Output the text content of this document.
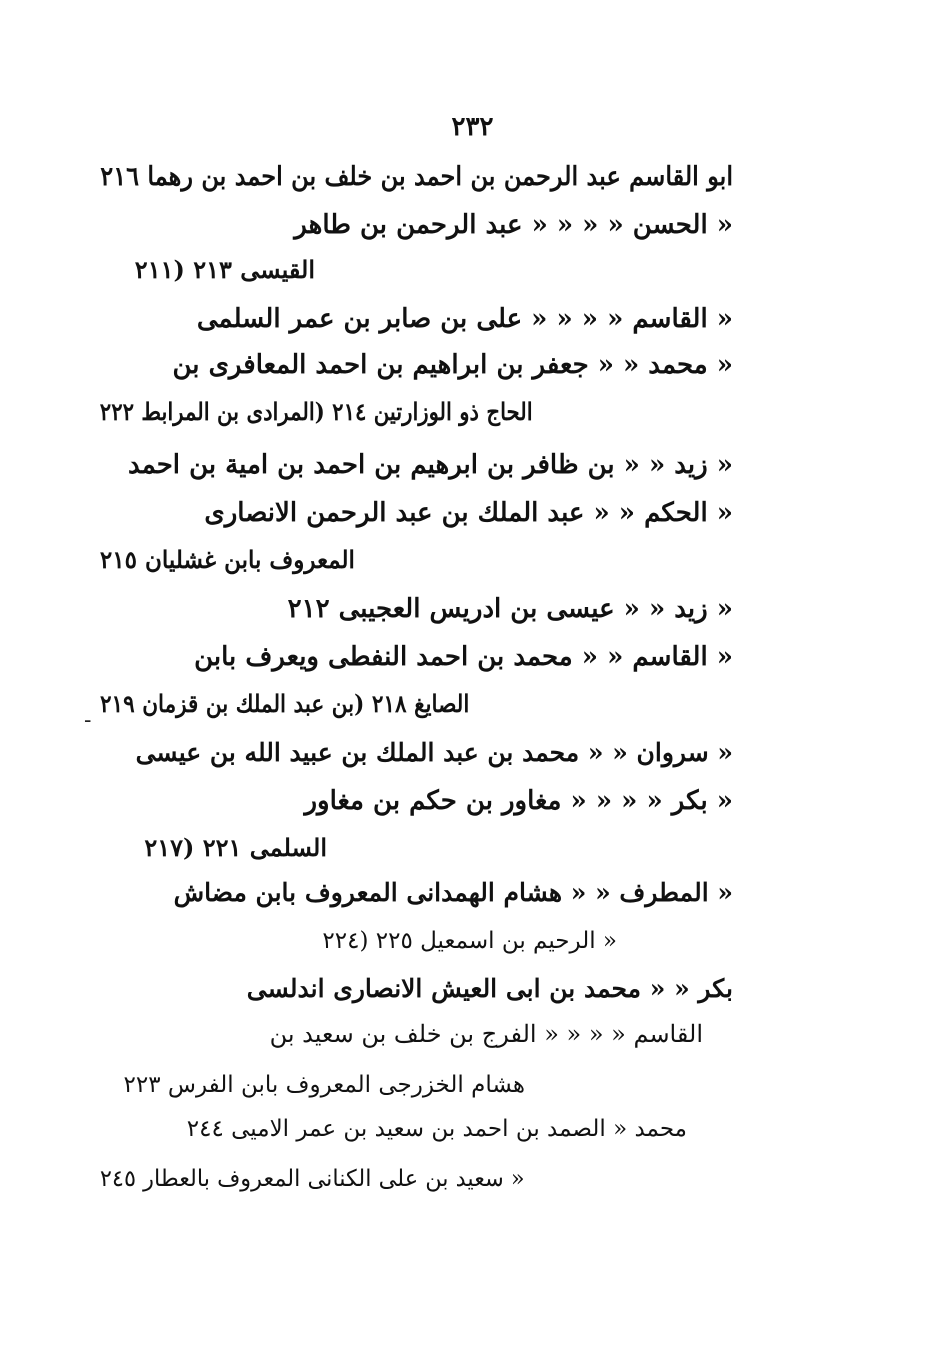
٢٣٢
ابو القاسم عبد الرحمن بن احمد بن خلف بن احمد بن رهما ٢١٦
« الحسن « « « « عبد الرحمن بن طاهر
القيسى ٢١٣ (٢١١
« القاسم « « « « على بن صابر بن عمر السلمى
« محمد « « جعفر بن ابراهيم بن احمد المعافرى بن
الحاج ذو الوزارتين ٢١٤ (المرادى بن المرابط ٢٢٢
« زيد « « بن ظافر بن ابرهيم بن احمد بن امية بن احمد
« الحكم « « عبد الملك بن عبد الرحمن الانصارى
المعروف بابن غشليان ٢١٥
« زيد « « عيسى بن ادريس العجيبى ٢١٢
« القاسم « « محمد بن احمد النفطى ويعرف بابن
الصايغ ٢١٨ (بن عبد الملك بن قزمان ٢١٩
« سروان « « محمد بن عبد الملك بن عبيد الله بن عيسى
« بكر « « « « مغاور بن حكم بن مغاور
السلمى ٢٢١ (٢١٧
« المطرف « « هشام الهمدانى المعروف بابن مضاش
« الرحيم بن اسمعيل ٢٢٥ (٢٢٤
بكر « « محمد بن ابى العيش الانصارى اندلسى
القاسم « « « « الفرج بن خلف بن سعيد بن
هشام الخزرجى المعروف بابن الفرس ٢٢٣
محمد « الصمد بن احمد بن سعيد بن عمر الاميى ٢٤٤
« سعيد بن على الكنانى المعروف بالعطار ٢٤٥
-
